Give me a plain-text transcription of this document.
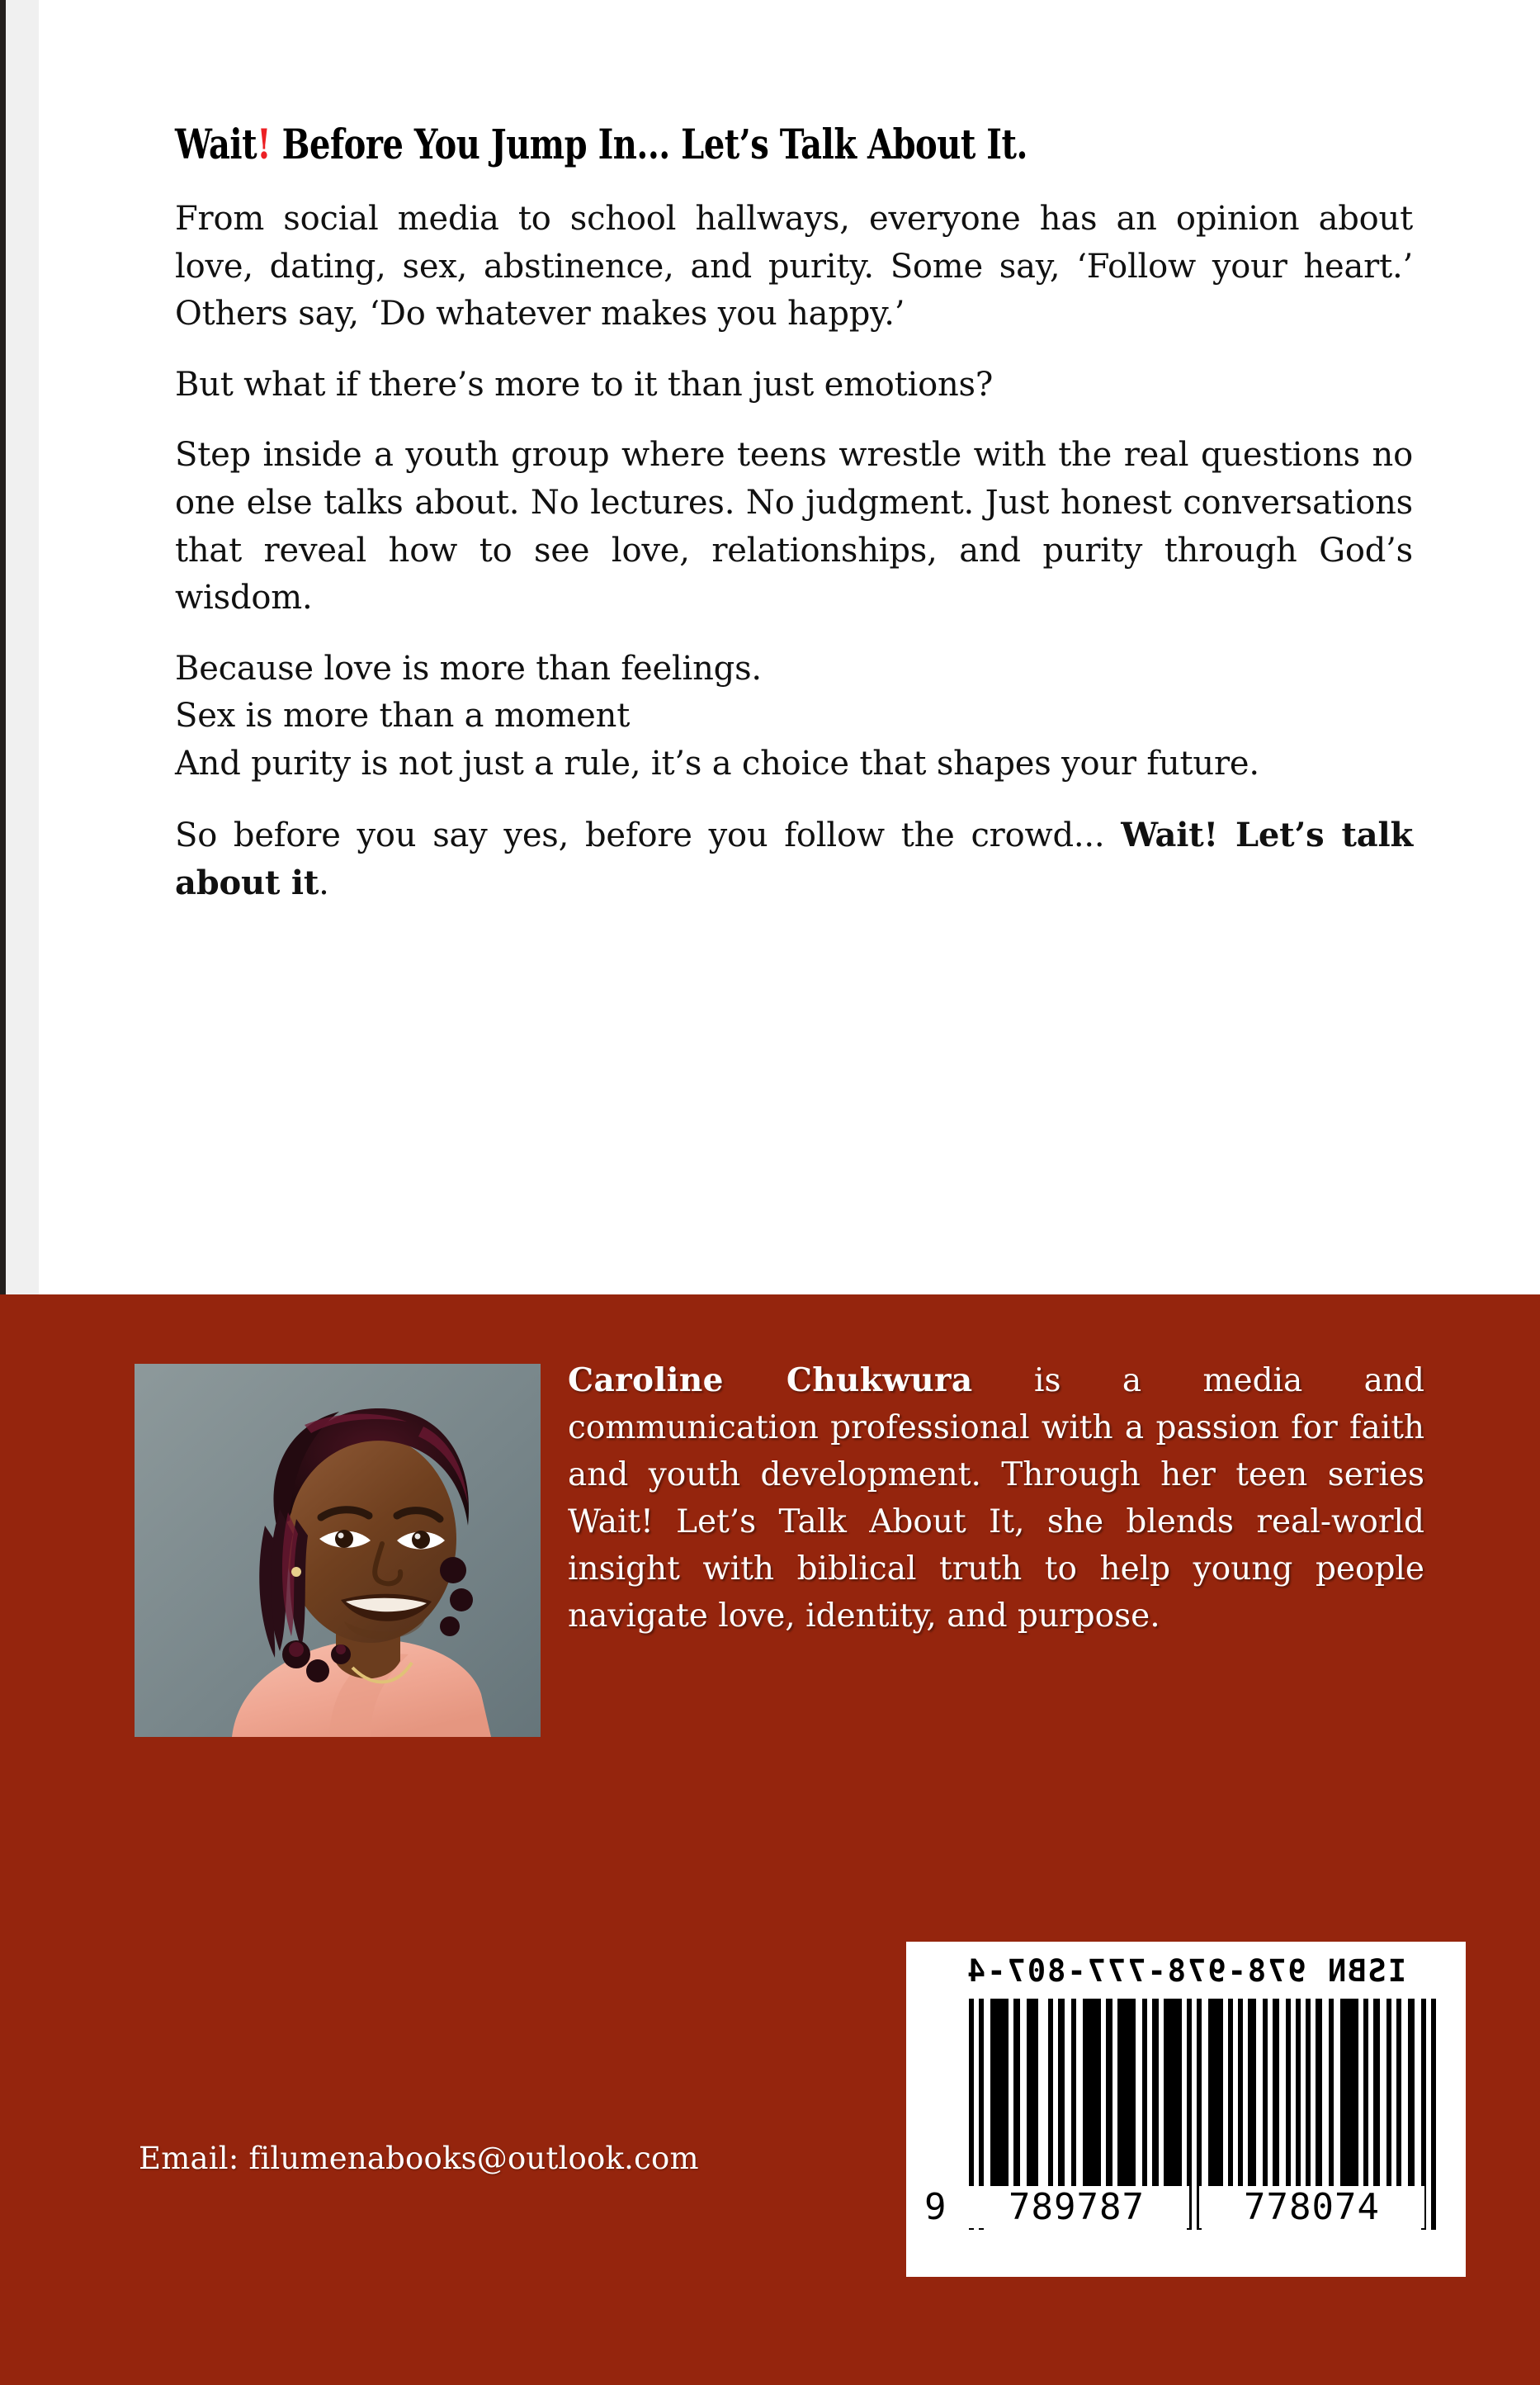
Wait! Before You Jump In... Let’s Talk About It.

From social media to school hallways, everyone has an opinion about love, dating, sex, abstinence, and purity. Some say, ‘Follow your heart.’ Others say, ‘Do whatever makes you happy.’

But what if there’s more to it than just emotions?

Step inside a youth group where teens wrestle with the real questions no one else talks about. No lectures. No judgment. Just honest conversations that reveal how to see love, relationships, and purity through God’s wisdom.

Because love is more than feelings.

Sex is more than a moment

And purity is not just a rule, it’s a choice that shapes your future.

So before you say yes, before you follow the crowd... Wait! Let’s talk about it.

Caroline Chukwura is a media and communication professional with a passion for faith and youth development. Through her teen series Wait! Let’s Talk About It, she blends real-world insight with biblical truth to help young people navigate love, identity, and purpose.

Email: filumenabooks@outlook.com
ISBN 978-978-777-807-4
9	789787	778074
